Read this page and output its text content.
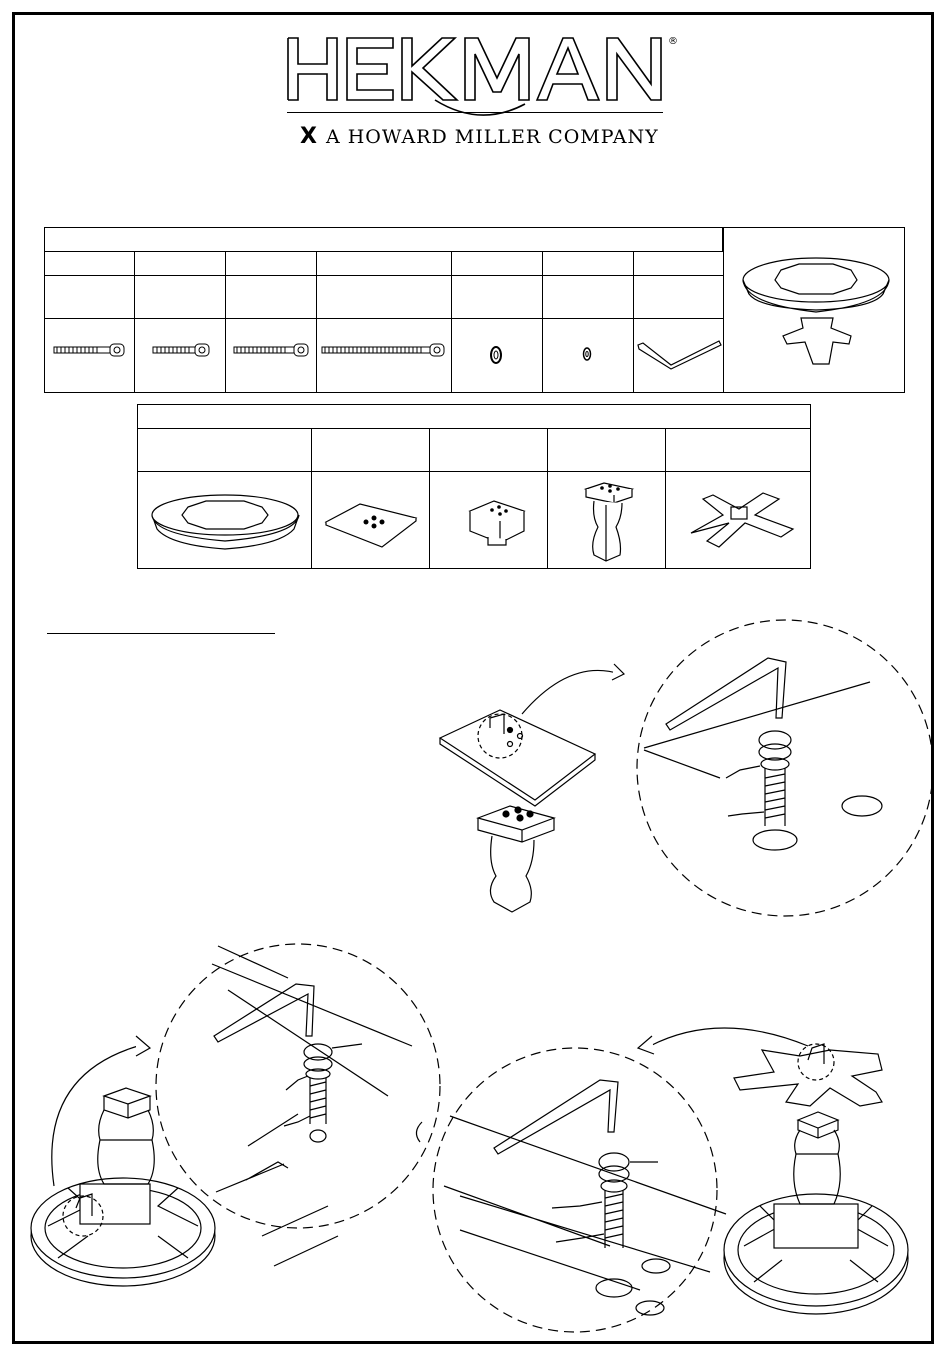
®
X A HOWARD MILLER COMPANY
